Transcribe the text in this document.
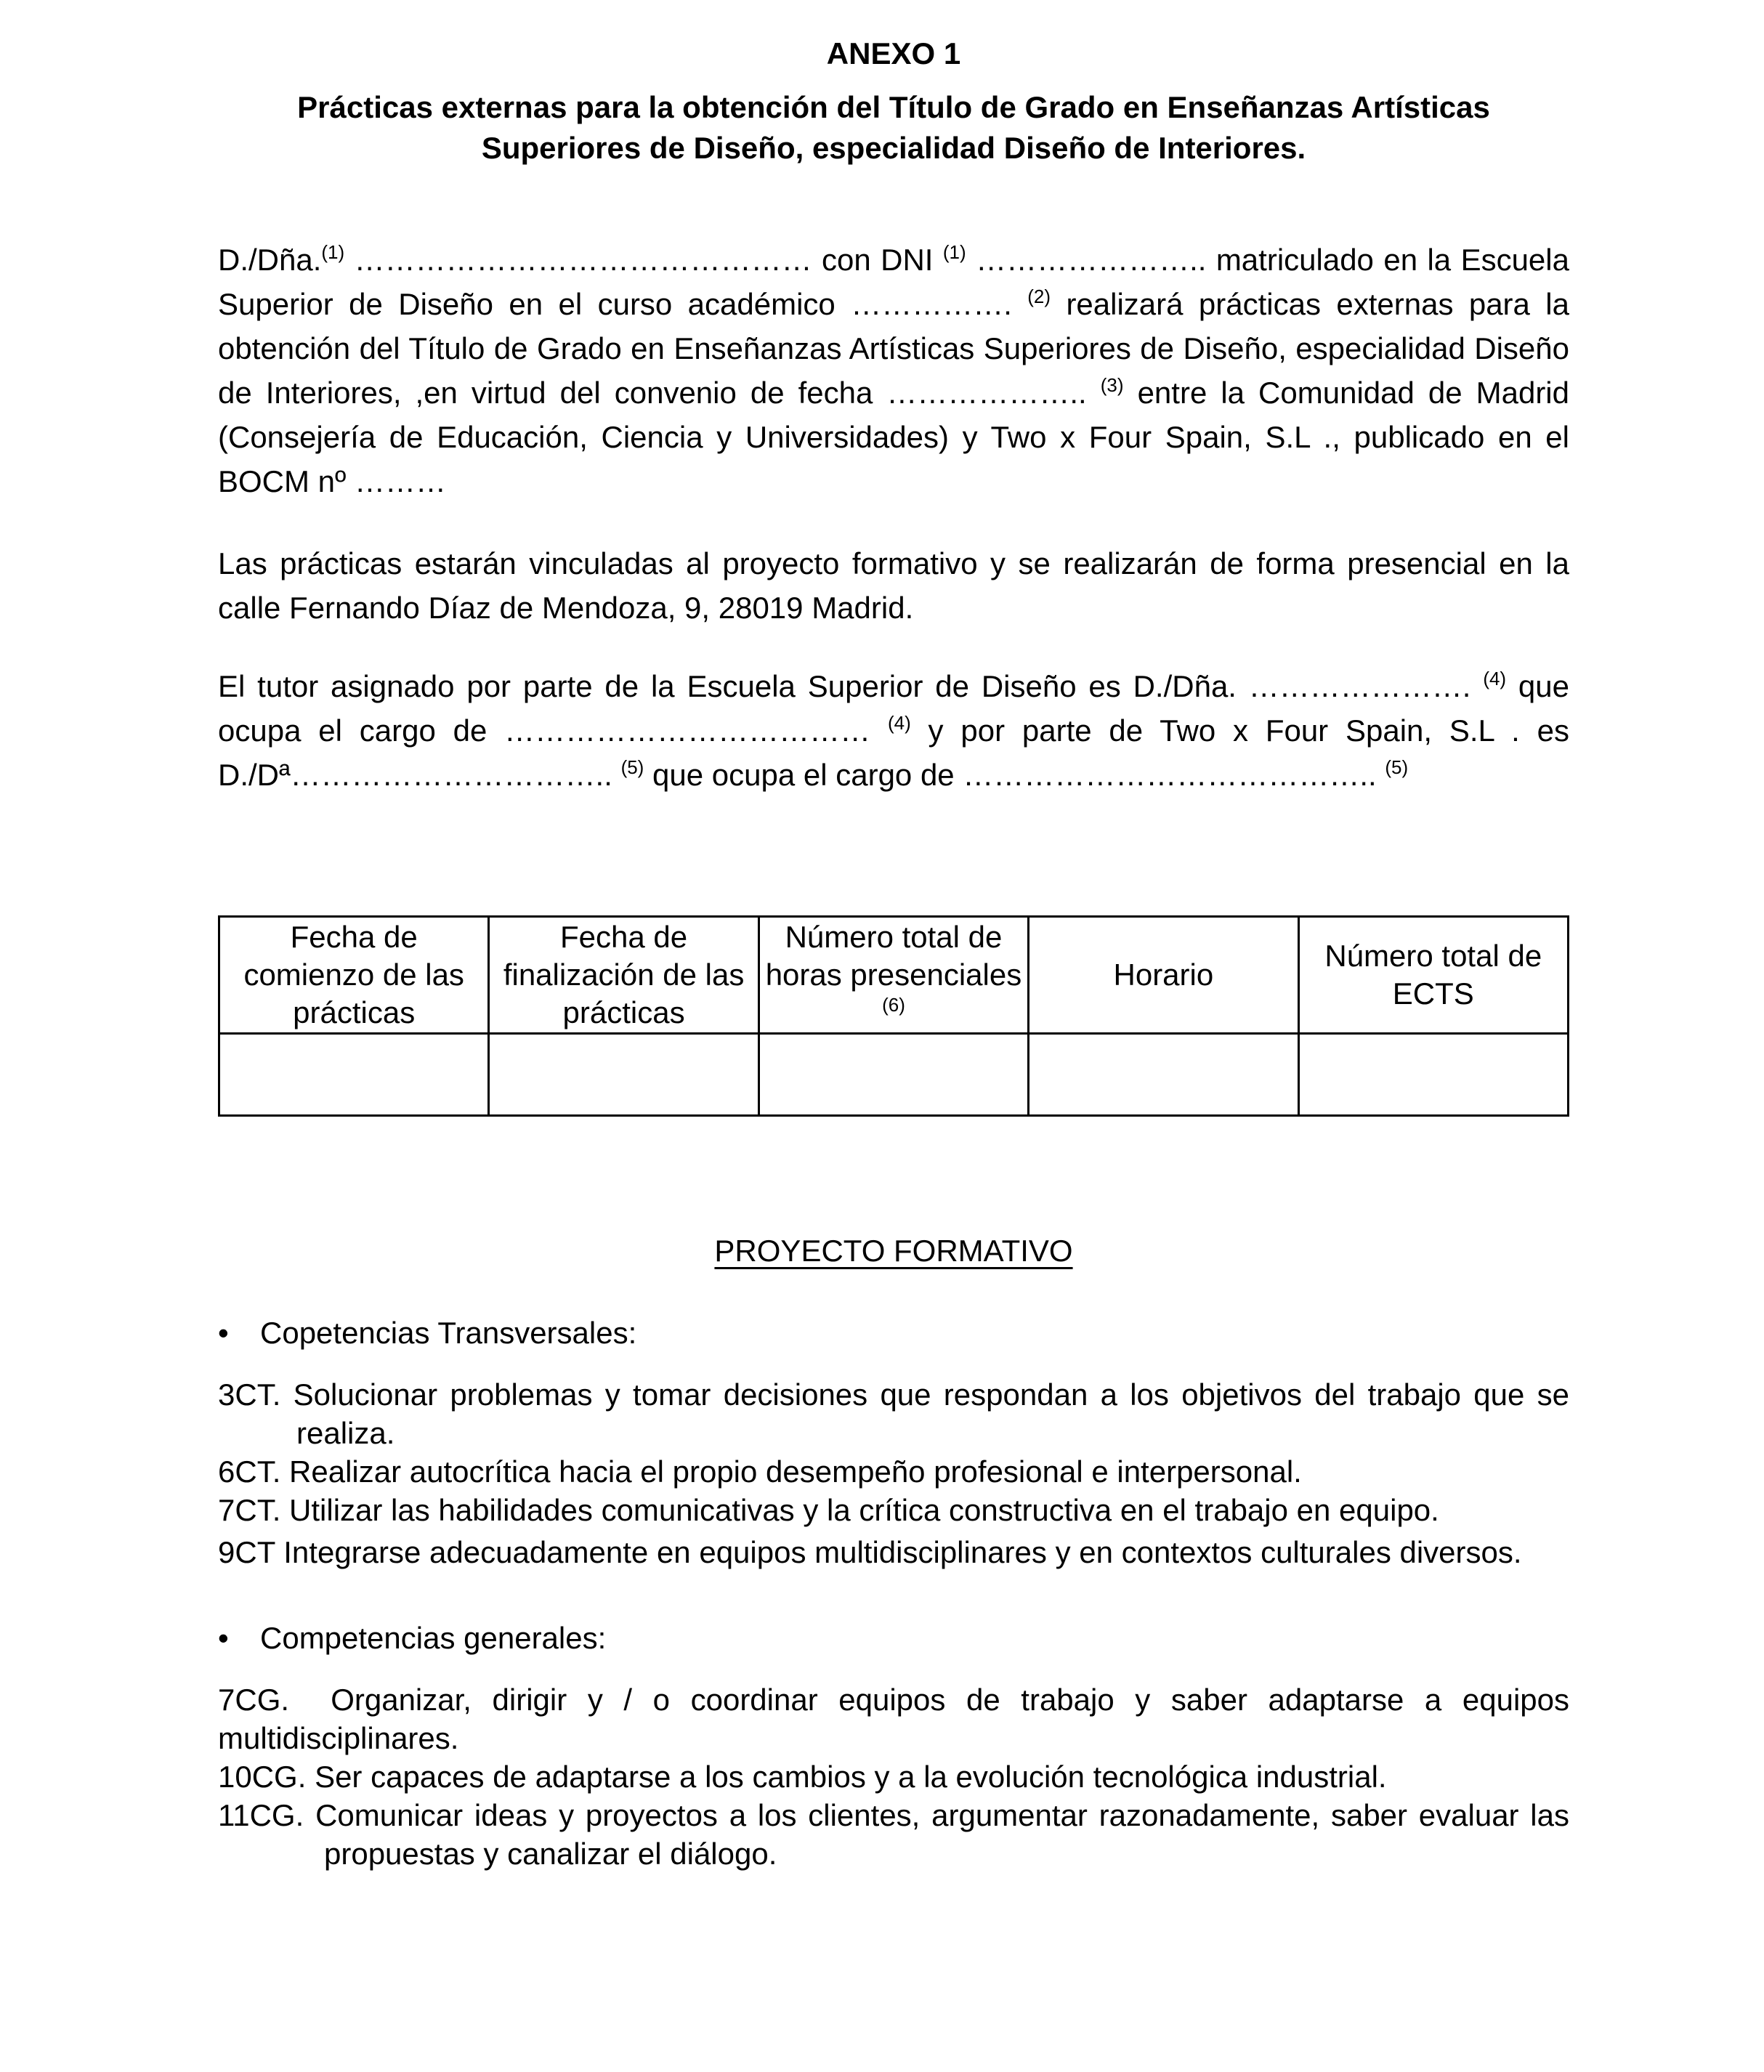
ANEXO 1
Prácticas externas para la obtención del Título de Grado en Enseñanzas Artísticas
Superiores de Diseño, especialidad Diseño de Interiores.
D./Dña.$^{(1)}$ ……………………………………… con DNI $^{(1)}$ ………………….. matriculado en la Escuela Superior de Diseño en el curso académico ……………. $^{(2)}$ realizará prácticas externas para la obtención del Título de Grado en Enseñanzas Artísticas Superiores de Diseño, especialidad Diseño de Interiores, ,en virtud del convenio de fecha ……………….. $^{(3)}$ entre la Comunidad de Madrid (Consejería de Educación, Ciencia y Universidades) y Two x Four Spain, S.L ., publicado en el BOCM nº ………
Las prácticas estarán vinculadas al proyecto formativo y se realizarán de forma presencial en la calle Fernando Díaz de Mendoza, 9, 28019 Madrid.
El tutor asignado por parte de la Escuela Superior de Diseño es D./Dña. …………………. $^{(4)}$ que ocupa el cargo de ……………………………… $^{(4)}$ y por parte de Two x Four Spain, S.L . es D./Dª………………………….. $^{(5)}$ que ocupa el cargo de ………………………………….. $^{(5)}$
Fecha de comienzo de las prácticas	Fecha de finalización de las prácticas	Número total de horas presenciales $^{(6)}$	Horario	Número total de ECTS

PROYECTO FORMATIVO
• Copetencias Transversales:
3CT. Solucionar problemas y tomar decisiones que respondan a los objetivos del trabajo que se realiza.
6CT. Realizar autocrítica hacia el propio desempeño profesional e interpersonal.
7CT. Utilizar las habilidades comunicativas y la crítica constructiva en el trabajo en equipo.
9CT Integrarse adecuadamente en equipos multidisciplinares y en contextos culturales diversos.
• Competencias generales:
7CG. Organizar, dirigir y / o coordinar equipos de trabajo y saber adaptarse a equipos multidisciplinares.
10CG. Ser capaces de adaptarse a los cambios y a la evolución tecnológica industrial.
11CG. Comunicar ideas y proyectos a los clientes, argumentar razonadamente, saber evaluar las propuestas y canalizar el diálogo.
